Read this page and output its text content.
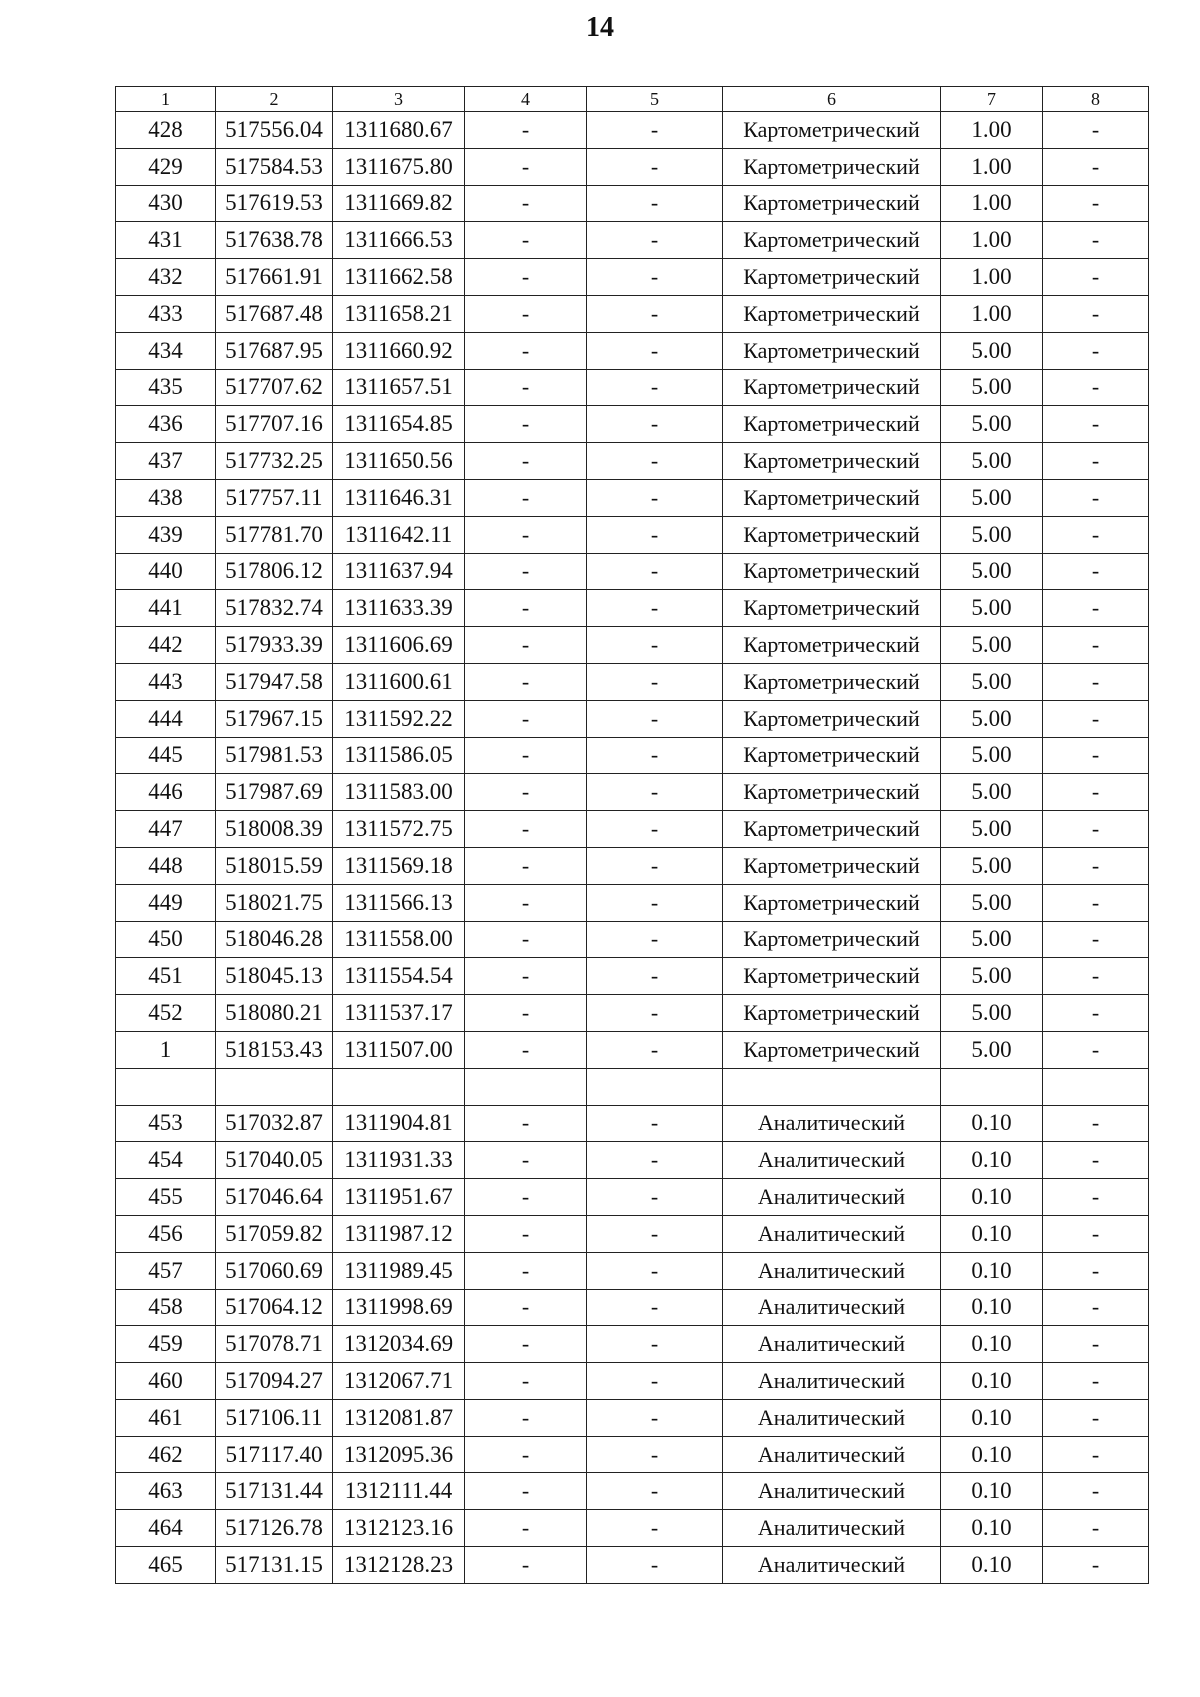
14
1	2	3	4	5	6	7	8
428	517556.04	1311680.67	-	-	Картометрический	1.00	-
429	517584.53	1311675.80	-	-	Картометрический	1.00	-
430	517619.53	1311669.82	-	-	Картометрический	1.00	-
431	517638.78	1311666.53	-	-	Картометрический	1.00	-
432	517661.91	1311662.58	-	-	Картометрический	1.00	-
433	517687.48	1311658.21	-	-	Картометрический	1.00	-
434	517687.95	1311660.92	-	-	Картометрический	5.00	-
435	517707.62	1311657.51	-	-	Картометрический	5.00	-
436	517707.16	1311654.85	-	-	Картометрический	5.00	-
437	517732.25	1311650.56	-	-	Картометрический	5.00	-
438	517757.11	1311646.31	-	-	Картометрический	5.00	-
439	517781.70	1311642.11	-	-	Картометрический	5.00	-
440	517806.12	1311637.94	-	-	Картометрический	5.00	-
441	517832.74	1311633.39	-	-	Картометрический	5.00	-
442	517933.39	1311606.69	-	-	Картометрический	5.00	-
443	517947.58	1311600.61	-	-	Картометрический	5.00	-
444	517967.15	1311592.22	-	-	Картометрический	5.00	-
445	517981.53	1311586.05	-	-	Картометрический	5.00	-
446	517987.69	1311583.00	-	-	Картометрический	5.00	-
447	518008.39	1311572.75	-	-	Картометрический	5.00	-
448	518015.59	1311569.18	-	-	Картометрический	5.00	-
449	518021.75	1311566.13	-	-	Картометрический	5.00	-
450	518046.28	1311558.00	-	-	Картометрический	5.00	-
451	518045.13	1311554.54	-	-	Картометрический	5.00	-
452	518080.21	1311537.17	-	-	Картометрический	5.00	-
1	518153.43	1311507.00	-	-	Картометрический	5.00	-

453	517032.87	1311904.81	-	-	Аналитический	0.10	-
454	517040.05	1311931.33	-	-	Аналитический	0.10	-
455	517046.64	1311951.67	-	-	Аналитический	0.10	-
456	517059.82	1311987.12	-	-	Аналитический	0.10	-
457	517060.69	1311989.45	-	-	Аналитический	0.10	-
458	517064.12	1311998.69	-	-	Аналитический	0.10	-
459	517078.71	1312034.69	-	-	Аналитический	0.10	-
460	517094.27	1312067.71	-	-	Аналитический	0.10	-
461	517106.11	1312081.87	-	-	Аналитический	0.10	-
462	517117.40	1312095.36	-	-	Аналитический	0.10	-
463	517131.44	1312111.44	-	-	Аналитический	0.10	-
464	517126.78	1312123.16	-	-	Аналитический	0.10	-
465	517131.15	1312128.23	-	-	Аналитический	0.10	-
